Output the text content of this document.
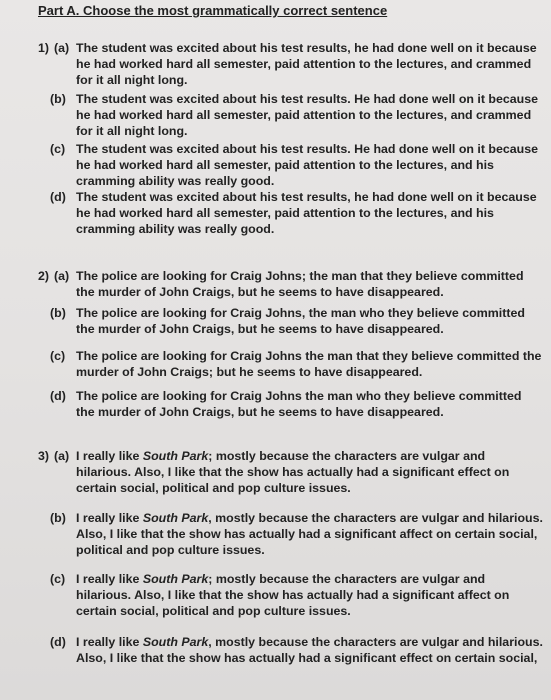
Part A. Choose the most grammatically correct sentence
1) (a) The student was excited about his test results, he had done well on it because he had worked hard all semester, paid attention to the lectures, and crammed for it all night long.
(b) The student was excited about his test results. He had done well on it because he had worked hard all semester, paid attention to the lectures, and crammed for it all night long.
(c) The student was excited about his test results. He had done well on it because he had worked hard all semester, paid attention to the lectures, and his cramming ability was really good.
(d) The student was excited about his test results, he had done well on it because he had worked hard all semester, paid attention to the lectures, and his cramming ability was really good.
2) (a) The police are looking for Craig Johns; the man that they believe committed the murder of John Craigs, but he seems to have disappeared.
(b) The police are looking for Craig Johns, the man who they believe committed the murder of John Craigs, but he seems to have disappeared.
(c) The police are looking for Craig Johns the man that they believe committed the murder of John Craigs; but he seems to have disappeared.
(d) The police are looking for Craig Johns the man who they believe committed the murder of John Craigs, but he seems to have disappeared.
3) (a) I really like South Park; mostly because the characters are vulgar and hilarious. Also, I like that the show has actually had a significant effect on certain social, political and pop culture issues.
(b) I really like South Park, mostly because the characters are vulgar and hilarious. Also, I like that the show has actually had a significant affect on certain social, political and pop culture issues.
(c) I really like South Park; mostly because the characters are vulgar and hilarious. Also, I like that the show has actually had a significant affect on certain social, political and pop culture issues.
(d) I really like South Park, mostly because the characters are vulgar and hilarious. Also, I like that the show has actually had a significant effect on certain social,
